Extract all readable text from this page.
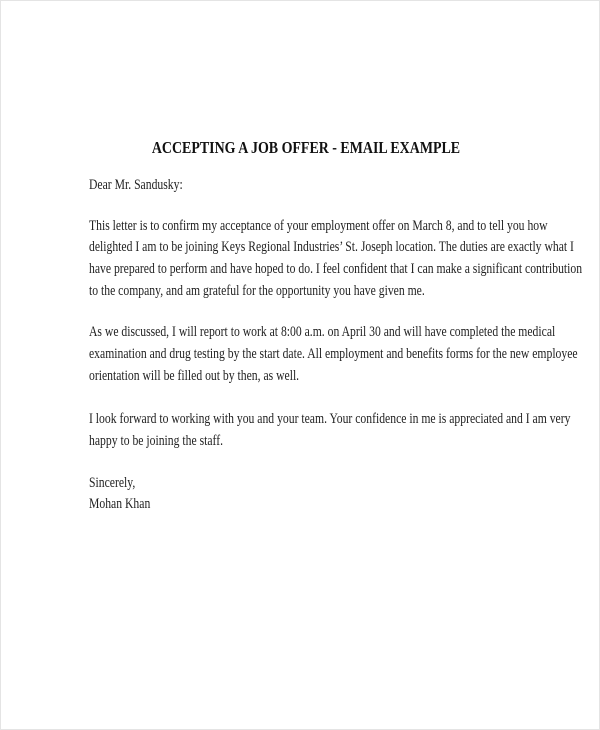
ACCEPTING A JOB OFFER - EMAIL EXAMPLE
Dear Mr. Sandusky:
This letter is to confirm my acceptance of your employment offer on March 8, and to tell you how
delighted I am to be joining Keys Regional Industries’ St. Joseph location. The duties are exactly what I
have prepared to perform and have hoped to do. I feel confident that I can make a significant contribution
to the company, and am grateful for the opportunity you have given me.
As we discussed, I will report to work at 8:00 a.m. on April 30 and will have completed the medical
examination and drug testing by the start date. All employment and benefits forms for the new employee
orientation will be filled out by then, as well.
I look forward to working with you and your team. Your confidence in me is appreciated and I am very
happy to be joining the staff.
Sincerely,
Mohan Khan
